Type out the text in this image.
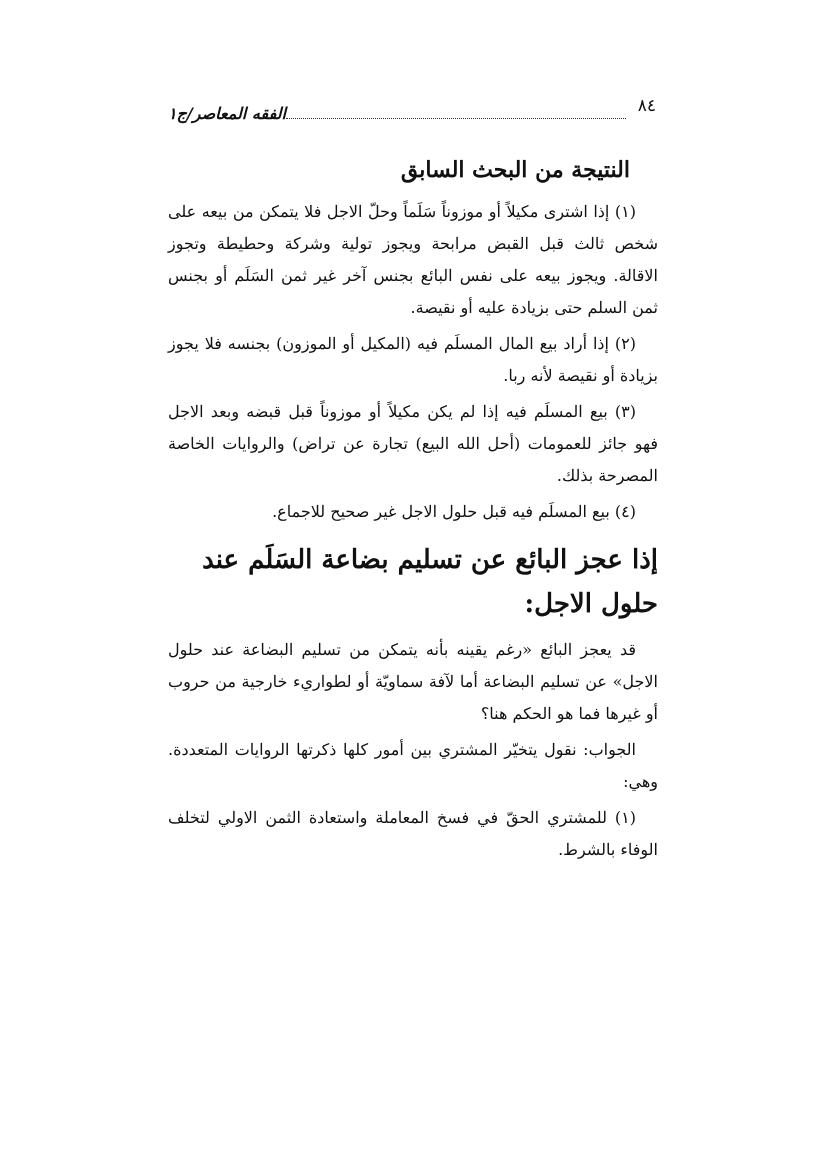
٨٤
الفقه المعاصر/ج١
النتيجة من البحث السابق

(١) إذا اشترى مكيلاً أو موزوناً سَلَماً وحلّ الاجل فلا يتمكن من بيعه على شخص ثالث قبل القبض مرابحة ويجوز تولية وشركة وحطيطة وتجوز الاقالة. ويجوز بيعه على نفس البائع بجنس آخر غير ثمن السَلَم أو بجنس ثمن السلم حتى بزيادة عليه أو نقيصة.

(٢) إذا أراد بيع المال المسلَم فيه (المكيل أو الموزون) بجنسه فلا يجوز بزيادة أو نقيصة لأنه ربا.

(٣) بيع المسلَم فيه إذا لم يكن مكيلاً أو موزوناً قبل قبضه وبعد الاجل فهو جائز للعمومات (أحل الله البيع) تجارة عن تراض) والروايات الخاصة المصرحة بذلك.

(٤) بيع المسلَم فيه قبل حلول الاجل غير صحيح للاجماع.

إذا عجز البائع عن تسليم بضاعة السَلَم عند حلول الاجل:

قد يعجز البائع «رغم يقينه بأنه يتمكن من تسليم البضاعة عند حلول الاجل» عن تسليم البضاعة أما لآفة سماويّة أو لطواريء خارجية من حروب أو غيرها فما هو الحكم هنا؟

الجواب: نقول يتخيّر المشتري بين أمور كلها ذكرتها الروايات المتعددة. وهي:

(١) للمشتري الحقّ في فسخ المعاملة واستعادة الثمن الاولي لتخلف الوفاء بالشرط.
